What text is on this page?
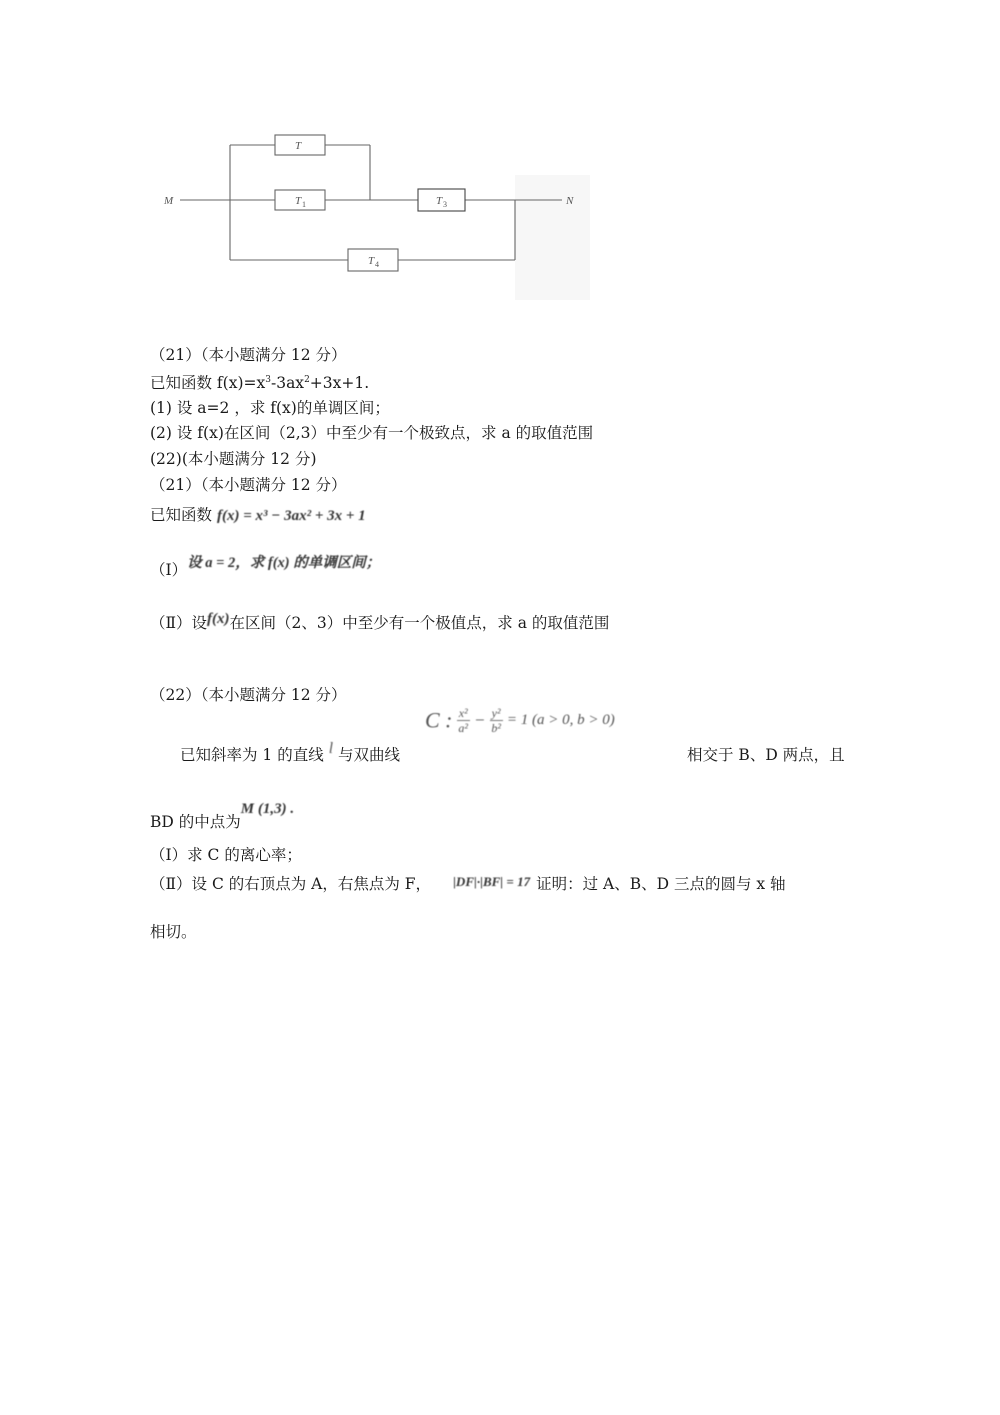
M	N
T
T 1	T 3
T 4
（21）（本小题满分 12 分）
已知函数 $f(x)=x^3-3ax^2+3x+1$.
(1) 设 a=2 ，求 f(x)的单调区间；
(2) 设 f(x)在区间（2,3）中至少有一个极致点，求 a 的取值范围
(22)(本小题满分 12 分)
（21）（本小题满分 12 分）
已知函数 f(x) = x³ − 3ax² + 3x + 1
（Ⅰ）设 a = 2，求 f(x) 的单调区间；
（Ⅱ）设f(x)在区间（2、3）中至少有一个极值点，求 a 的取值范围
（22）（本小题满分 12 分）
C : $\frac{\text{x²}}{\text{a²}} - \frac{\text{y²}}{\text{b²}} = 1$ (a > 0, b > 0)
已知斜率为 1 的直线 l 与双曲线	相交于 B、D 两点，且
BD 的中点为M (1,3) .
（Ⅰ）求 C 的离心率；
（Ⅱ）设 C 的右顶点为 A，右焦点为 F， |DF|·|BF| = 17 证明：过 A、B、D 三点的圆与 x 轴
相切。
